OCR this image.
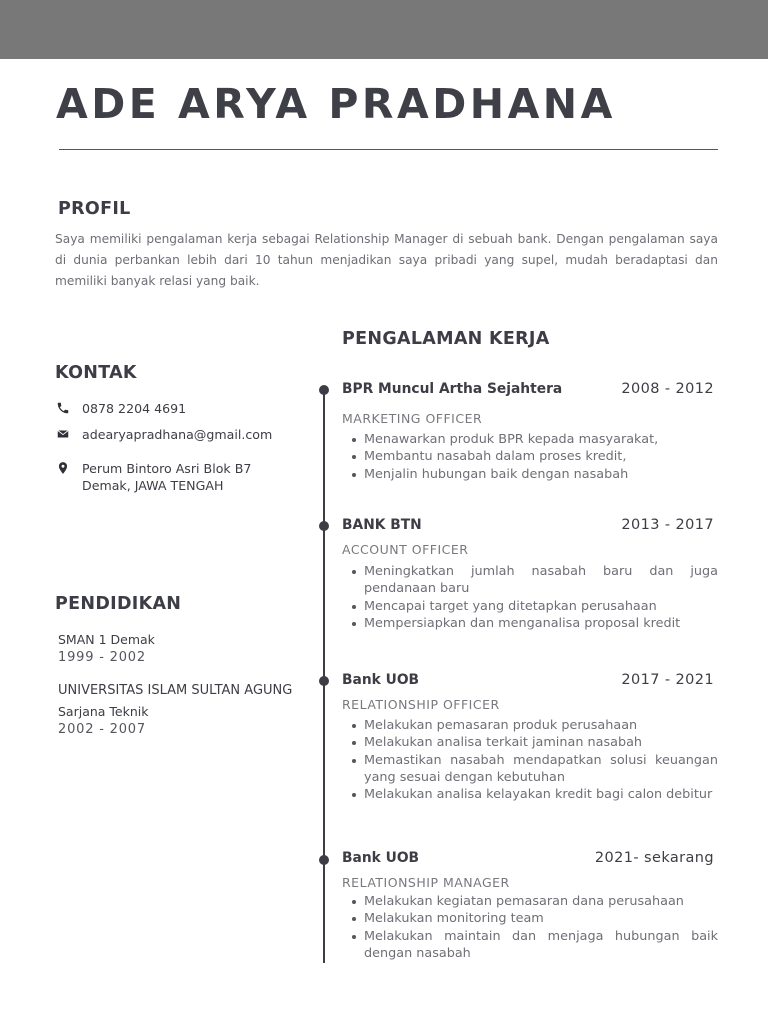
ADE ARYA PRADHANA
PROFIL
Saya memiliki pengalaman kerja sebagai Relationship Manager di sebuah bank. Dengan pengalaman saya di dunia perbankan lebih dari 10 tahun menjadikan saya pribadi yang supel, mudah beradaptasi dan memiliki banyak relasi yang baik.
KONTAK
0878 2204 4691
adearyapradhana@gmail.com
Perum Bintoro Asri Blok B7
Demak, JAWA TENGAH
PENDIDIKAN
SMAN 1 Demak
1999 - 2002
UNIVERSITAS ISLAM SULTAN AGUNG
Sarjana Teknik
2002 - 2007
PENGALAMAN KERJA
BPR Muncul Artha Sejahtera	2008 - 2012
MARKETING OFFICER
Menawarkan produk BPR kepada masyarakat,
Membantu nasabah dalam proses kredit,
Menjalin hubungan baik dengan nasabah
BANK BTN	2013 - 2017
ACCOUNT OFFICER
Meningkatkan jumlah nasabah baru dan juga pendanaan baru
Mencapai target yang ditetapkan perusahaan
Mempersiapkan dan menganalisa proposal kredit
Bank UOB	2017 - 2021
RELATIONSHIP OFFICER
Melakukan pemasaran produk perusahaan
Melakukan analisa terkait jaminan nasabah
Memastikan nasabah mendapatkan solusi keuangan yang sesuai dengan kebutuhan
Melakukan analisa kelayakan kredit bagi calon debitur
Bank UOB	2021- sekarang
RELATIONSHIP MANAGER
Melakukan kegiatan pemasaran dana perusahaan
Melakukan monitoring team
Melakukan maintain dan menjaga hubungan baik dengan nasabah
